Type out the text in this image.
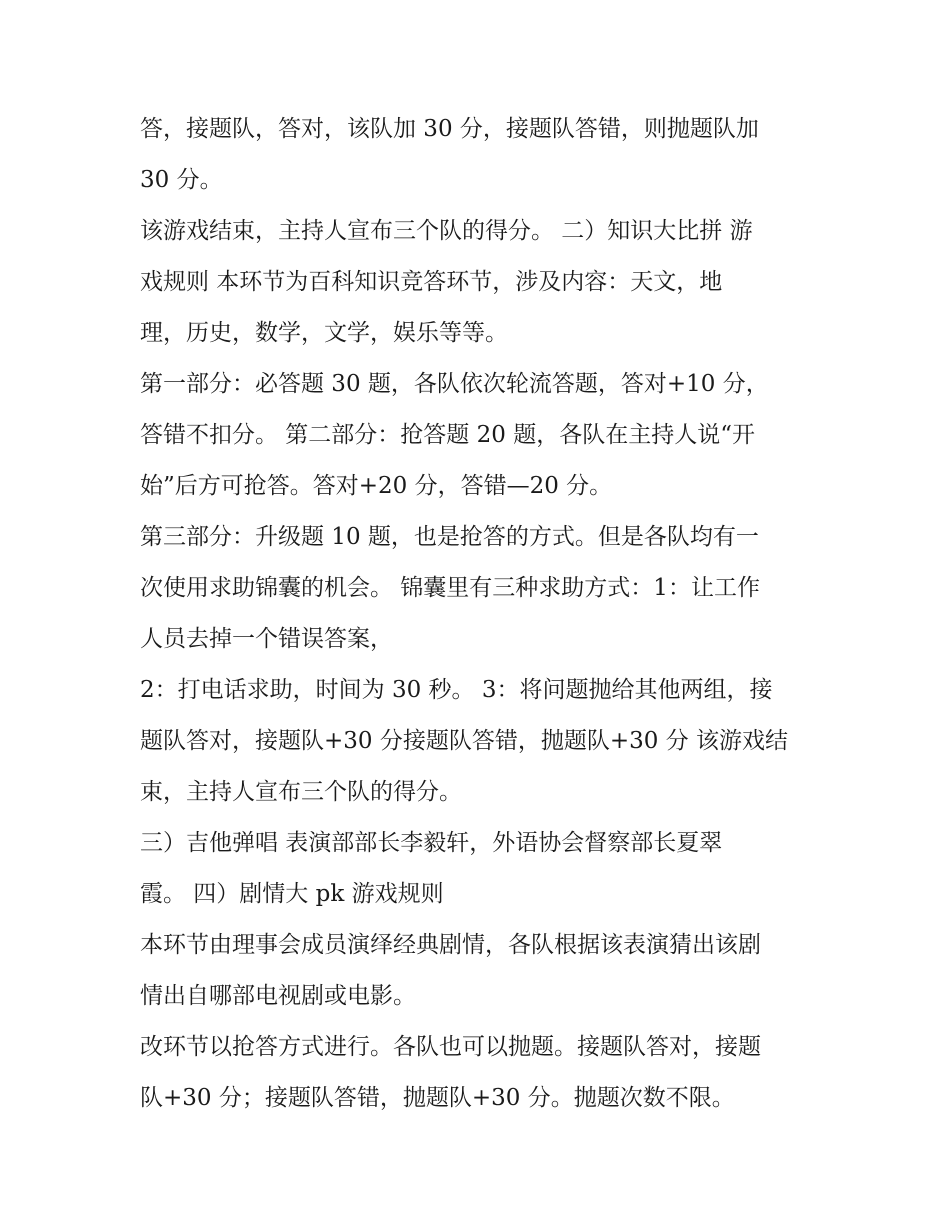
答，接题队，答对，该队加 30 分，接题队答错，则抛题队加
30 分。
该游戏结束，主持人宣布三个队的得分。 二）知识大比拼 游
戏规则 本环节为百科知识竞答环节，涉及内容：天文，地
理，历史，数学，文学，娱乐等等。
第一部分：必答题 30 题，各队依次轮流答题，答对+10 分，
答错不扣分。 第二部分：抢答题 20 题，各队在主持人说“开
始”后方可抢答。答对+20 分，答错—20 分。
第三部分：升级题 10 题，也是抢答的方式。但是各队均有一
次使用求助锦囊的机会。 锦囊里有三种求助方式：1：让工作
人员去掉一个错误答案，
2：打电话求助，时间为 30 秒。 3：将问题抛给其他两组，接
题队答对，接题队+30 分接题队答错，抛题队+30 分 该游戏结
束，主持人宣布三个队的得分。
三）吉他弹唱 表演部部长李毅轩，外语协会督察部长夏翠
霞。 四）剧情大 pk 游戏规则
本环节由理事会成员演绎经典剧情，各队根据该表演猜出该剧
情出自哪部电视剧或电影。
改环节以抢答方式进行。各队也可以抛题。接题队答对，接题
队+30 分；接题队答错，抛题队+30 分。抛题次数不限。
